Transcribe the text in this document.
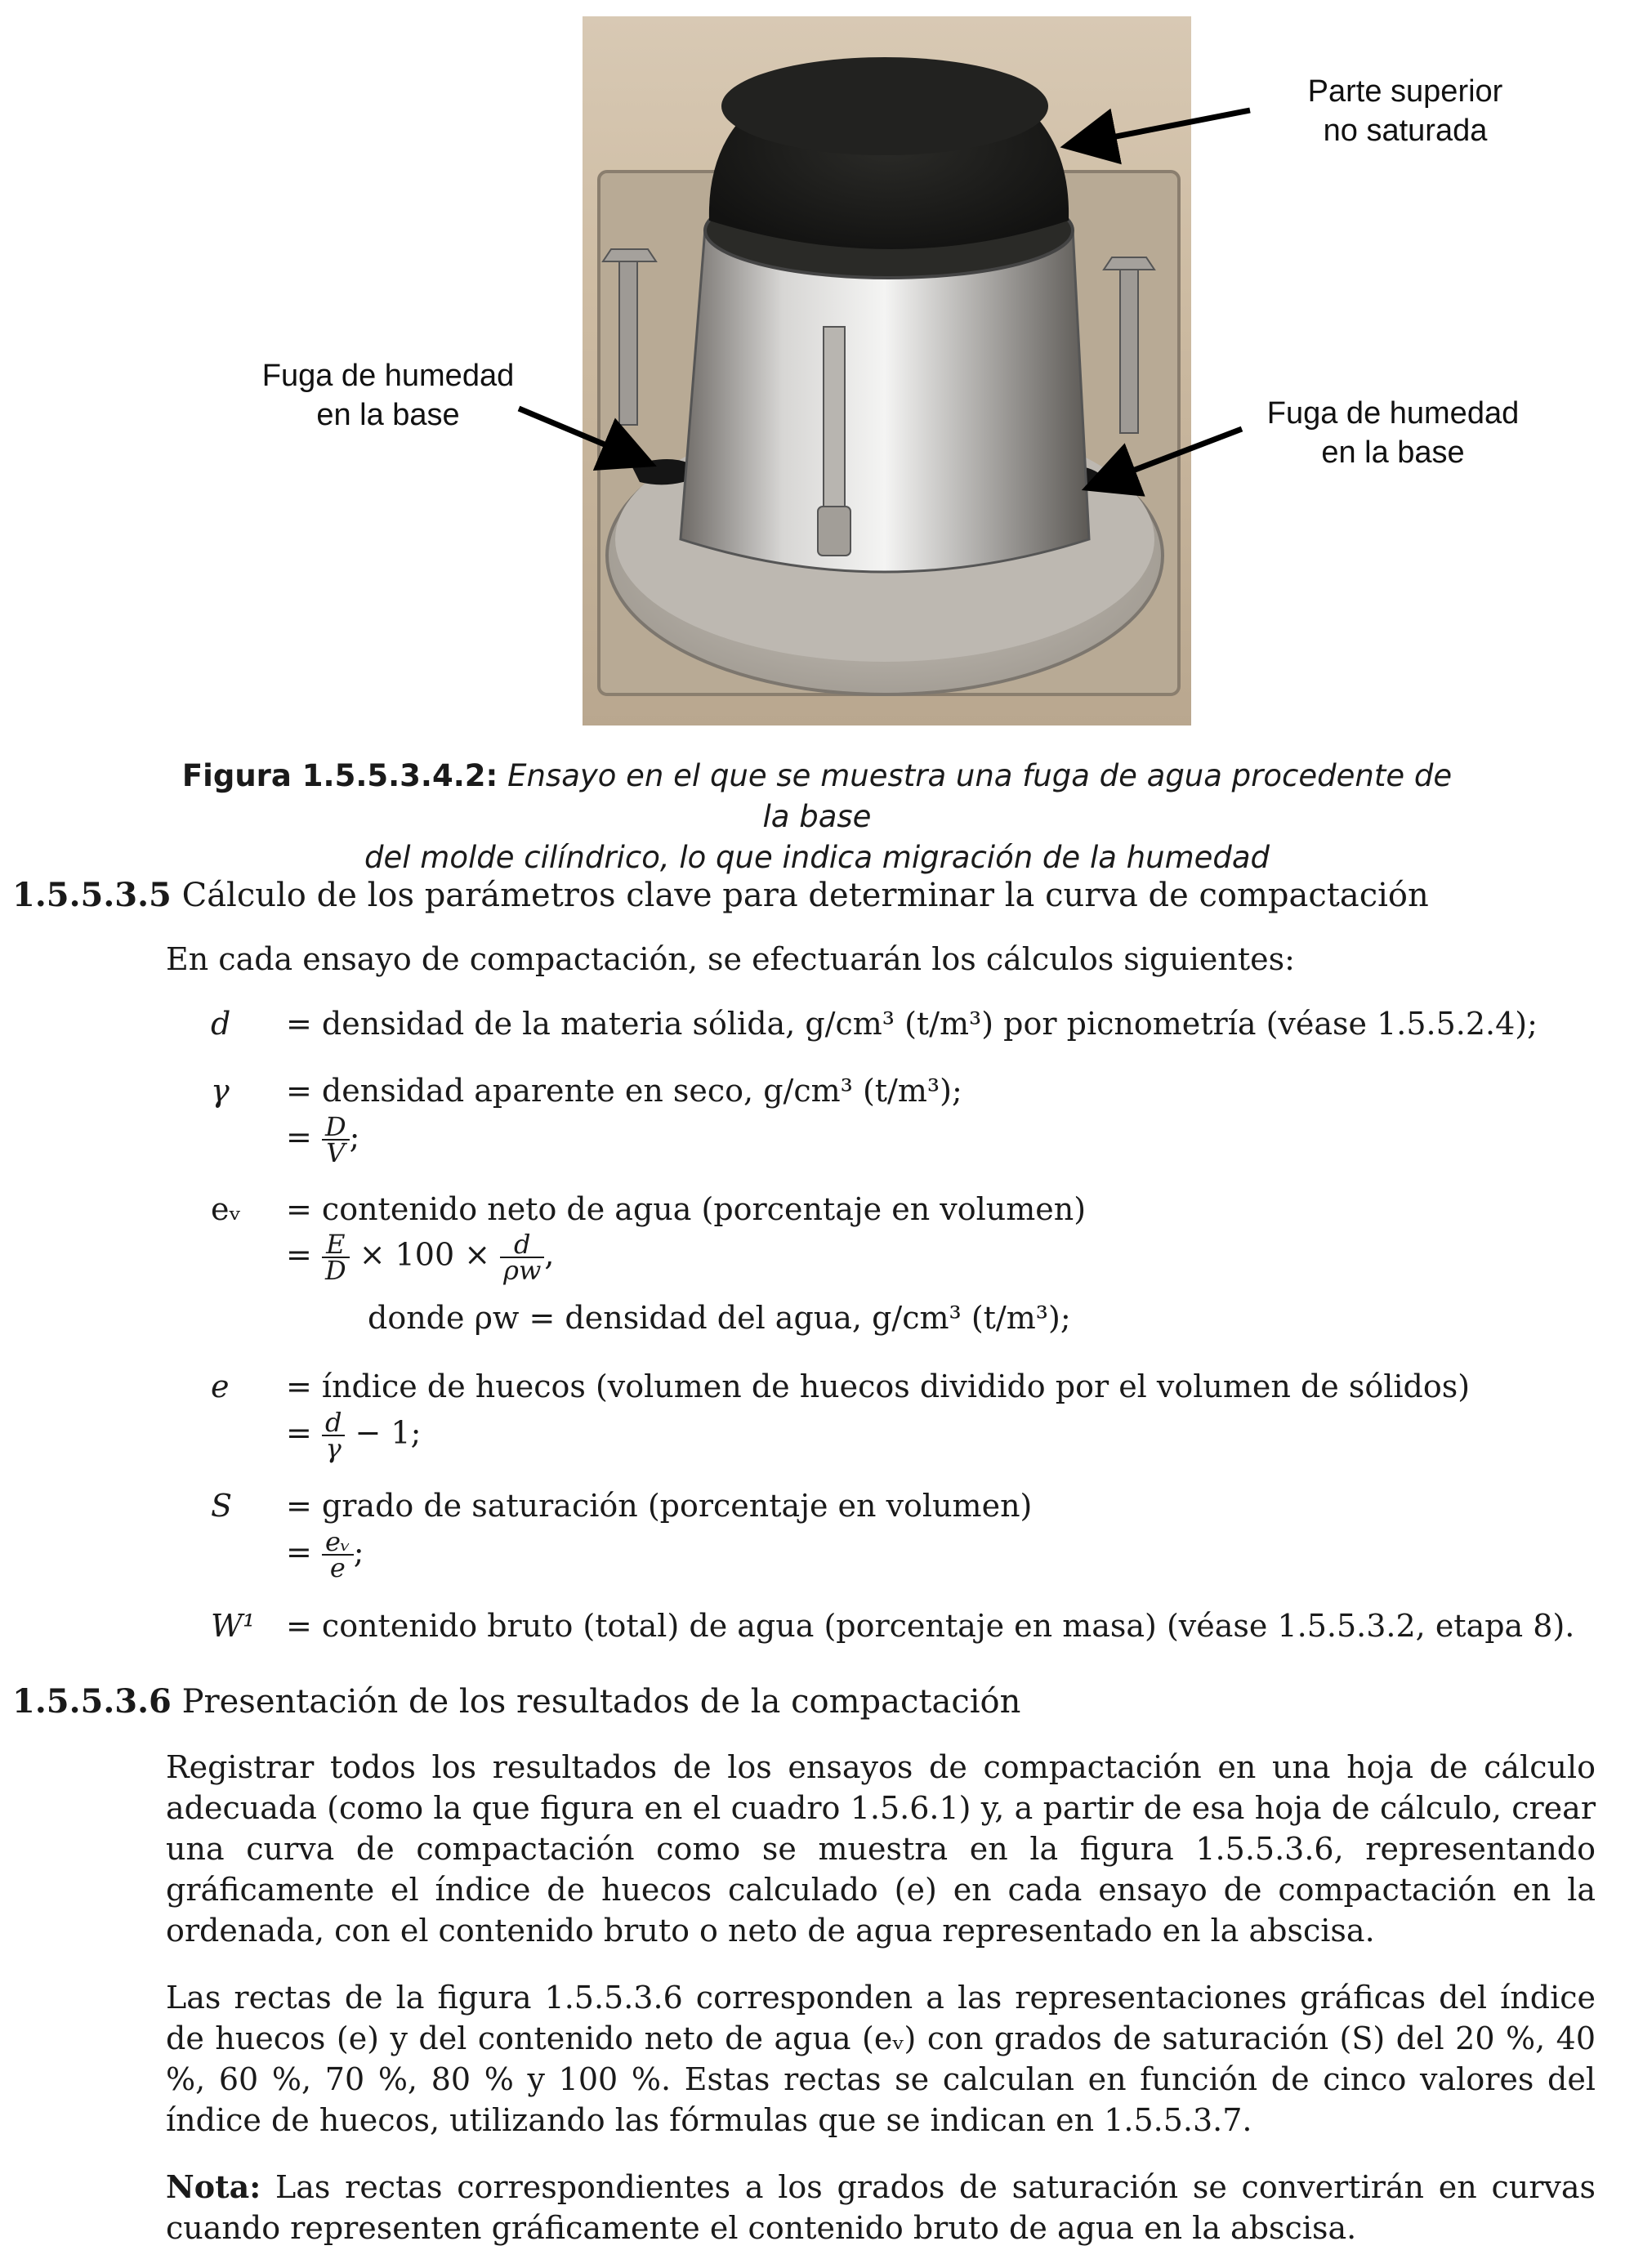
Parte superior
no saturada
Fuga de humedad
en la base	Fuga de humedad
en la base
Figura 1.5.5.3.4.2: Ensayo en el que se muestra una fuga de agua procedente de la base
del molde cilíndrico, lo que indica migración de la humedad
1.5.5.3.5 Cálculo de los parámetros clave para determinar la curva de compactación
En cada ensayo de compactación, se efectuarán los cálculos siguientes:
d = densidad de la materia sólida, g/cm³ (t/m³) por picnometría (véase 1.5.5.2.4);
γ = densidad aparente en seco, g/cm³ (t/m³);
= $\frac{D}{V}$ ;
eᵥ = contenido neto de agua (porcentaje en volumen)
= $\frac{E}{D} \times 100 \times \frac{d}{\rho w}$ ,
donde ρw = densidad del agua, g/cm³ (t/m³);
e = índice de huecos (volumen de huecos dividido por el volumen de sólidos)
= $\frac{d}{\gamma} - 1$;
S = grado de saturación (porcentaje en volumen)
= $\frac{\text{eᵥ}}{e}$ ;
W¹ = contenido bruto (total) de agua (porcentaje en masa) (véase 1.5.5.3.2, etapa 8).
1.5.5.3.6 Presentación de los resultados de la compactación
Registrar todos los resultados de los ensayos de compactación en una hoja de cálculo adecuada (como la que figura en el cuadro 1.5.6.1) y, a partir de esa hoja de cálculo, crear una curva de compactación como se muestra en la figura 1.5.5.3.6, representando gráficamente el índice de huecos calculado (e) en cada ensayo de compactación en la ordenada, con el contenido bruto o neto de agua representado en la abscisa.
Las rectas de la figura 1.5.5.3.6 corresponden a las representaciones gráficas del índice de huecos (e) y del contenido neto de agua (eᵥ) con grados de saturación (S) del 20 %, 40 %, 60 %, 70 %, 80 % y 100 %. Estas rectas se calculan en función de cinco valores del índice de huecos, utilizando las fórmulas que se indican en 1.5.5.3.7.
Nota: Las rectas correspondientes a los grados de saturación se convertirán en curvas cuando representen gráficamente el contenido bruto de agua en la abscisa.
